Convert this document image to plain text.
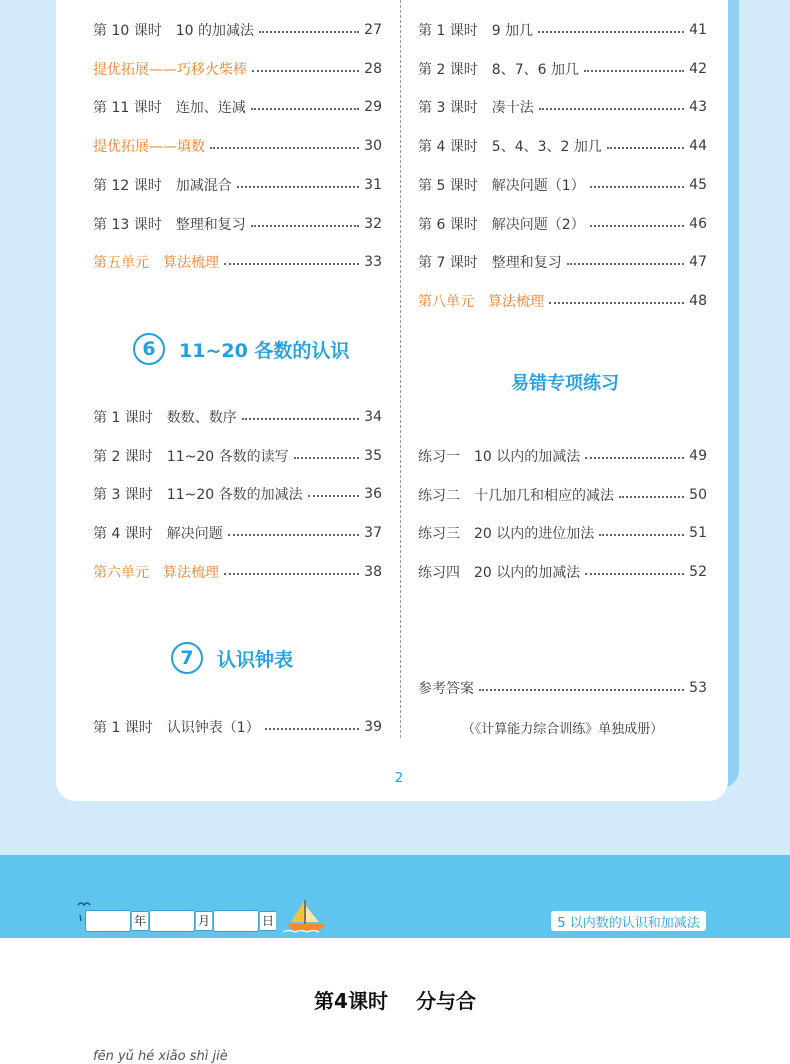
第 10 课时　10 的加减法	27
提优拓展——巧移火柴棒	28
第 11 课时　连加、连减	29
提优拓展——填数	30
第 12 课时　加减混合	31
第 13 课时　整理和复习	32
第五单元　算法梳理	33
第 1 课时　数数、数序	34
第 2 课时　11~20 各数的读写	35
第 3 课时　11~20 各数的加减法	36
第 4 课时　解决问题	37
第六单元　算法梳理	38
第 1 课时　认识钟表（1）	39
第 1 课时　9 加几	41
第 2 课时　8、7、6 加几	42
第 3 课时　凑十法	43
第 4 课时　5、4、3、2 加几	44
第 5 课时　解决问题（1）	45
第 6 课时　解决问题（2）	46
第 7 课时　整理和复习	47
第八单元　算法梳理	48
练习一　10 以内的加减法	49
练习二　十几加几和相应的减法	50
练习三　20 以内的进位加法	51
练习四　20 以内的加减法	52
参考答案	53
6	11~20 各数的认识
7	认识钟表
易错专项练习
（《计算能力综合训练》单独成册）
2
年	月	日	5 以内数的认识和加减法
第4课时 分与合
fēn yǔ hé xiǎo shì jiè
